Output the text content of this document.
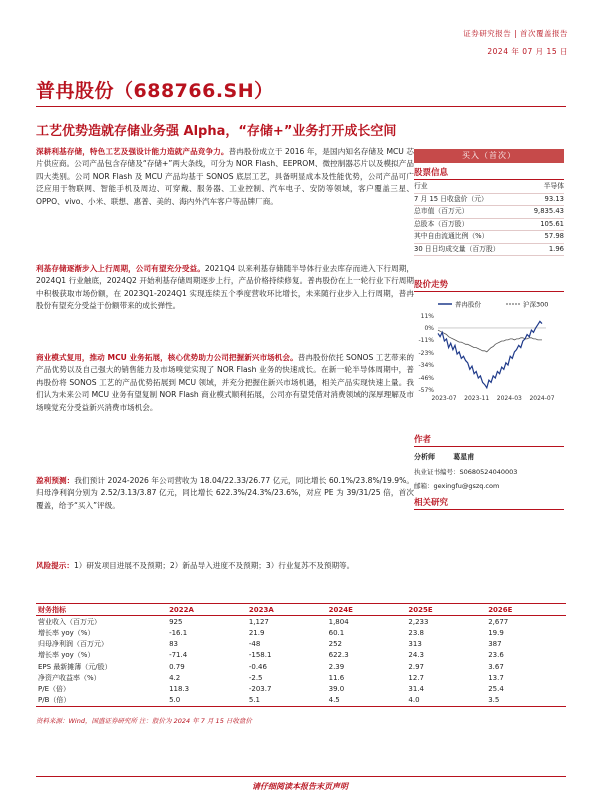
证券研究报告 | 首次覆盖报告
2024 年 07 月 15 日
普冉股份（688766.SH）
工艺优势造就存储业务强 Alpha，“存储+”业务打开成长空间
深耕利基存储，特色工艺及强设计能力造就产品竞争力。普冉股份成立于 2016 年，是国内知名存储及 MCU 芯片供应商。公司产品包含存储及“存储+”两大条线，可分为 NOR Flash、EEPROM、微控制器芯片以及模拟产品四大类别。公司 NOR Flash 及 MCU 产品均基于 SONOS 底层工艺，具备明显成本及性能优势，公司产品可广泛应用于物联网、智能手机及周边、可穿戴、服务器、工业控制、汽车电子、安防等领域，客户覆盖三星、OPPO、vivo、小米、联想、惠普、美的、海内外汽车客户等品牌厂商。
利基存储逐渐步入上行周期，公司有望充分受益。2021Q4 以来利基存储随半导体行业去库存而进入下行周期，2024Q1 行业触底，2024Q2 开始利基存储周期逐步上行，产品价格持续修复。普冉股份在上一轮行业下行周期中积极获取市场份额，在 2023Q1-2024Q1 实现连续五个季度营收环比增长，未来随行业步入上行周期，普冉股份有望充分受益于份额带来的成长弹性。
商业模式复用，推动 MCU 业务拓展，核心优势助力公司把握新兴市场机会。普冉股份依托 SONOS 工艺带来的产品优势以及自己强大的销售能力及市场嗅觉实现了 NOR Flash 业务的快速成长。在新一轮半导体周期中，普冉股份将 SONOS 工艺的产品优势拓展到 MCU 领域，并充分把握住新兴市场机遇，相关产品实现快速上量。我们认为未来公司 MCU 业务有望复制 NOR Flash 商业模式顺利拓展，公司亦有望凭借对消费领域的深厚理解及市场嗅觉充分受益新兴消费市场机会。
盈利预测：我们预计 2024-2026 年公司营收为 18.04/22.33/26.77 亿元，同比增长 60.1%/23.8%/19.9%。归母净利润分别为 2.52/3.13/3.87 亿元，同比增长 622.3%/24.3%/23.6%，对应 PE 为 39/31/25 倍，首次覆盖，给予“买入”评级。
风险提示：1）研发项目进展不及预期；2）新品导入进度不及预期；3）行业复苏不及预期等。
买入（首次）
股票信息
行业	半导体
7 月 15 日收盘价（元）	93.13
总市值（百万元）	9,835.43
总股本（百万股）	105.61
其中自由流通比例（%）	57.98
30 日日均成交量（百万股）	1.96
股价走势
普冉股份	沪深300
11%
0%
-11%
-23%
-34%
-46%
-57%
2023-07 2023-11 2024-03 2024-07
作者
分析师	葛星甫
执业证书编号：S0680524040003
邮箱：gexingfu@gszq.com
相关研究
财务指标	2022A	2023A	2024E	2025E	2026E
营业收入（百万元）	925	1,127	1,804	2,233	2,677
增长率 yoy（%）	-16.1	21.9	60.1	23.8	19.9
归母净利润（百万元）	83	-48	252	313	387
增长率 yoy（%）	-71.4	-158.1	622.3	24.3	23.6
EPS 最新摊薄（元/股）	0.79	-0.46	2.39	2.97	3.67
净资产收益率（%）	4.2	-2.5	11.6	12.7	13.7
P/E（倍）	118.3	-203.7	39.0	31.4	25.4
P/B（倍）	5.0	5.1	4.5	4.0	3.5
资料来源：Wind，国盛证券研究所 注：股价为 2024 年 7 月 15 日收盘价
请仔细阅读本报告末页声明
